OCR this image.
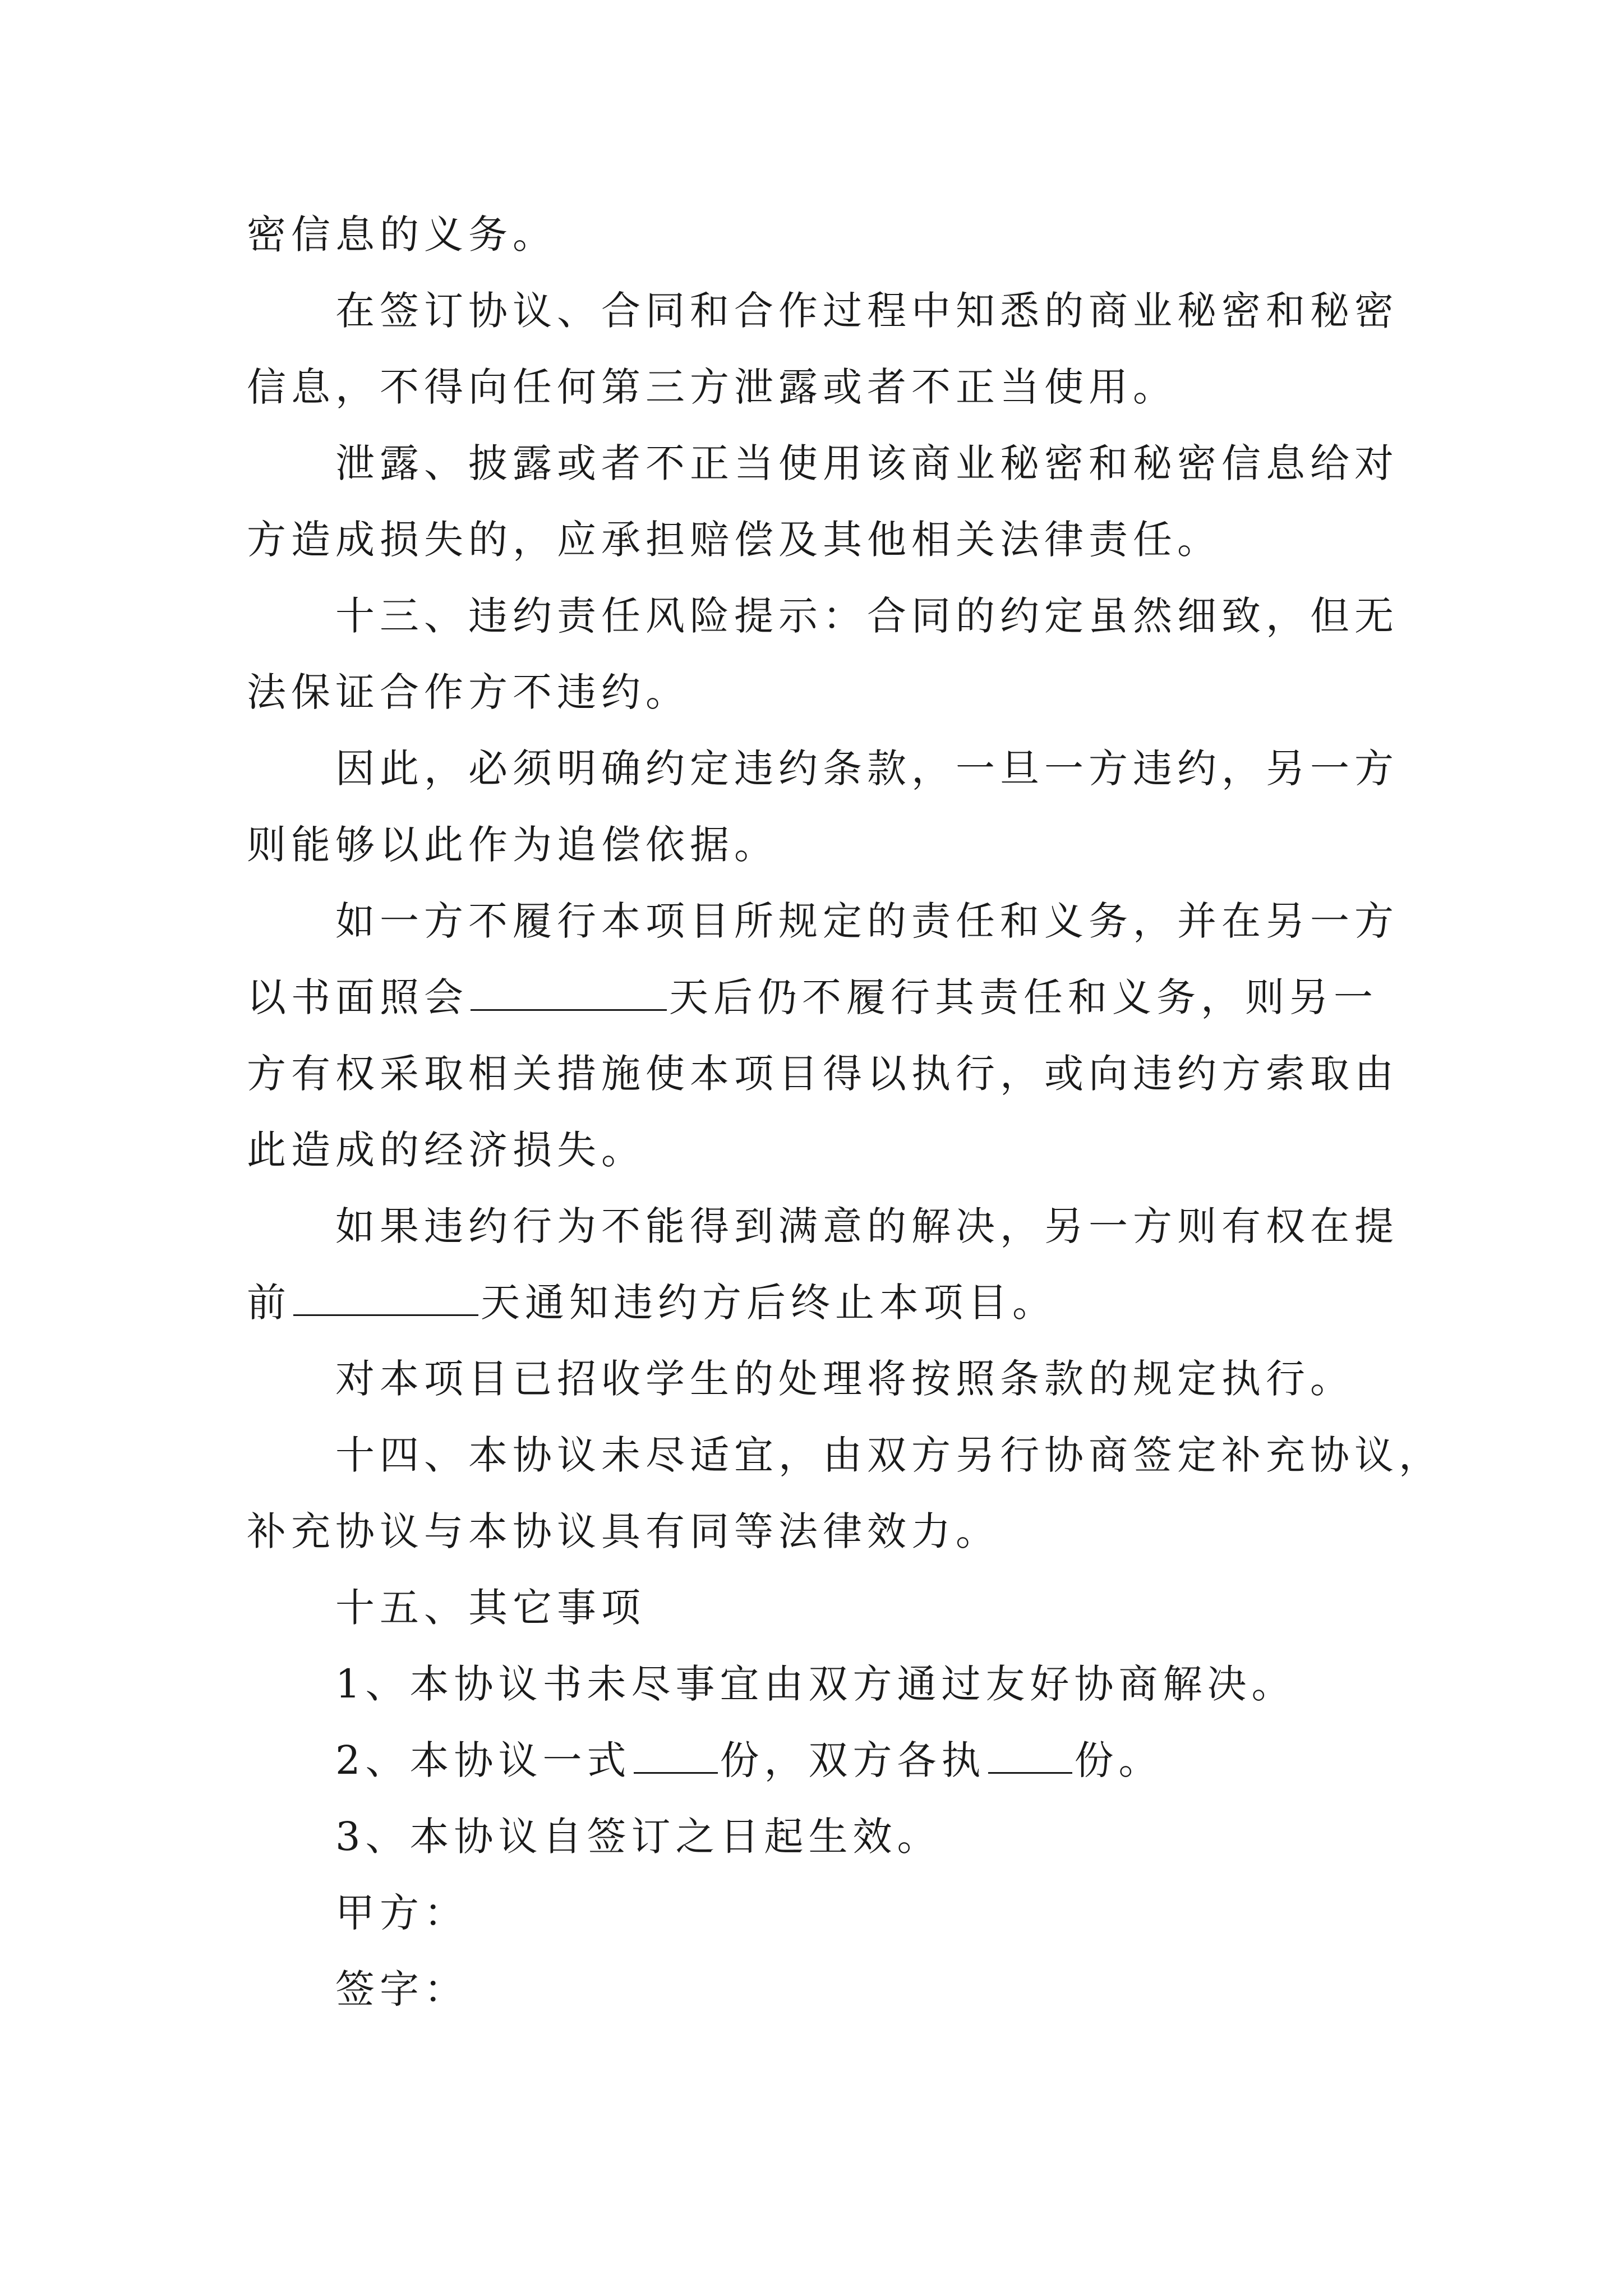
密信息的义务。
在签订协议、合同和合作过程中知悉的商业秘密和秘密
信息，不得向任何第三方泄露或者不正当使用。
泄露、披露或者不正当使用该商业秘密和秘密信息给对
方造成损失的，应承担赔偿及其他相关法律责任。
十三、违约责任风险提示：合同的约定虽然细致，但无
法保证合作方不违约。
因此，必须明确约定违约条款，一旦一方违约，另一方
则能够以此作为追偿依据。
如一方不履行本项目所规定的责任和义务，并在另一方
以书面照会	天后仍不履行其责任和义务，则另一
方有权采取相关措施使本项目得以执行，或向违约方索取由
此造成的经济损失。
如果违约行为不能得到满意的解决，另一方则有权在提
前	天通知违约方后终止本项目。
对本项目已招收学生的处理将按照条款的规定执行。
十四、本协议未尽适宜，由双方另行协商签定补充协议，
补充协议与本协议具有同等法律效力。
十五、其它事项
1、本协议书未尽事宜由双方通过友好协商解决。
2、本协议一式 份，双方各执 份。
3、本协议自签订之日起生效。
甲方：
签字：
